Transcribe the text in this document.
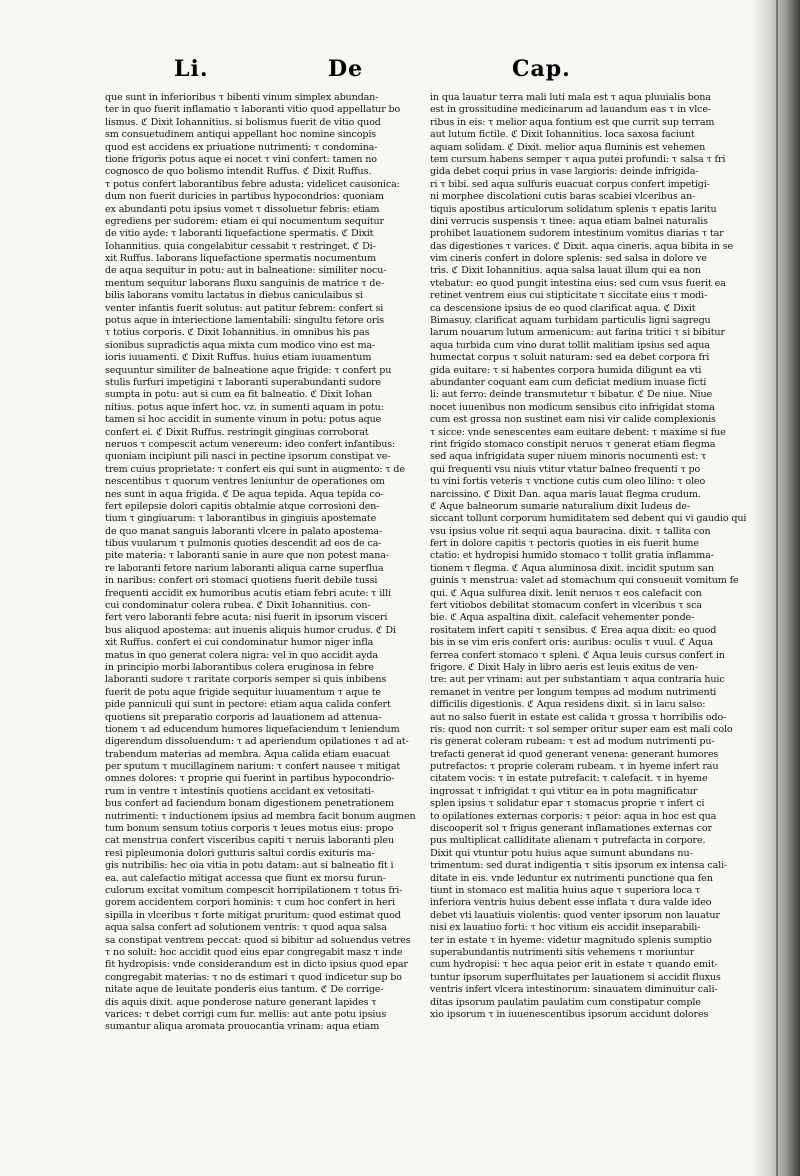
Li.	De	Cap.
que sunt in inferioribus τ bibenti vinum simplex abundan-
ter in quo fuerit inflamatio τ laboranti vitio quod appellatur bo
lismus. ℭ Dixit Iohannitius. si bolismus fuerit de vitio quod
sm consuetudinem antiqui appellant hoc nomine sincopis
quod est accidens ex priuatione nutrimenti: τ condomina-
tione frigoris potus aque ei nocet τ vini confert: tamen no
cognosco de quo bolismo intendit Ruffus. ℭ Dixit Ruffus.
τ potus confert laborantibus febre adusta: videlicet causonica:
dum non fuerit duricies in partibus hypocondrios: quoniam
ex abundanti potu ipsius vomet τ dissoluetur febris: etiam
egrediens per sudorem: etiam ei qui nocumentum sequitur
de vitio ayde: τ laboranti liquefactione spermatis. ℭ Dixit
Iohannitius. quia congelabitur cessabit τ restringet. ℭ Di-
xit Ruffus. laborans liquefactione spermatis nocumentum
de aqua sequitur in potu: aut in balneatione: similiter nocu-
mentum sequitur laborans fluxu sanguinis de matrice τ de-
bilis laborans vomitu lactatus in diebus caniculaibus si
venter infantis fuerit solutus: aut patitur febrem: confert si
potus aque in interiectione lamentabili: singultu fetore oris
τ totius corporis. ℭ Dixit Iohannitius. in omnibus his pas
sionibus supradictis aqua mixta cum modico vino est ma-
ioris iuuamenti. ℭ Dixit Ruffus. huius etiam iuuamentum
sequuntur similiter de balneatione aque frigide: τ confert pu
stulis furfuri impetigini τ laboranti superabundanti sudore
sumpta in potu: aut si cum ea fit balneatio. ℭ Dixit Iohan
nitius. potus aque infert hoc. vz. in sumenti aquam in potu:
tamen si hoc accidit in sumente vinum in potu: potus aque
confert ei. ℭ Dixit Ruffus. restringit gingiuas corroborat
neruos τ compescit actum venereum: ideo confert infantibus:
quoniam incipiunt pili nasci in pectine ipsorum constipat ve-
trem cuius proprietate: τ confert eis qui sunt in augmento: τ de
nescentibus τ quorum ventres leniuntur de operationes om
nes sunt in aqua frigida. ℭ De aqua tepida. Aqua tepida co-
fert epilepsie dolori capitis obtalmie atque corrosioni den-
tium τ gingiuarum: τ laborantibus in gingiuis apostemate
de quo manat sanguis laboranti vlcere in palato apostema-
tibus vuularum τ pulmonis quoties descendit ad eos de ca-
pite materia: τ laboranti sanie in aure que non potest mana-
re laboranti fetore narium laboranti aliqua carne superflua
in naribus: confert ori stomaci quotiens fuerit debile tussi
frequenti accidit ex humoribus acutis etiam febri acute: τ illi
cui condominatur colera rubea. ℭ Dixit Iohannitius. con-
fert vero laboranti febre acuta: nisi fuerit in ipsorum visceri
bus aliquod apostema: aut inuenis aliquis humor crudus. ℭ Di
xit Ruffus. confert ei cui condominatur humor niger infla
matus in quo generat colera nigra: vel in quo accidit ayda
in principio morbi laborantibus colera eruginosa in febre
laboranti sudore τ raritate corporis semper si quis inbibens
fuerit de potu aque frigide sequitur iuuamentum τ aque te
pide panniculi qui sunt in pectore: etiam aqua calida confert
quotiens sit preparatio corporis ad lauationem ad attenua-
tionem τ ad educendum humores liquefaciendum τ leniendum
digerendum dissoluendum: τ ad aperiendum opilationes τ ad at-
trabendum materias ad membra. Aqua calida etiam euacuat
per sputum τ mucillaginem narium: τ confert nausee τ mitigat
omnes dolores: τ proprie qui fuerint in partibus hypocondrio-
rum in ventre τ intestinis quotiens accidant ex vetositati-
bus confert ad faciendum bonam digestionem penetrationem
nutrimenti: τ inductionem ipsius ad membra facit bonum augmen
tum bonum sensum totius corporis τ leues motus eius: propo
cat menstrua confert visceribus capiti τ neruis laboranti pleu
resi pipleumonia dolori gutturis saltui cordis exituris ma-
gis nutribilis: hec oia vitia in potu datam: aut si balneatio fit i
ea. aut calefactio mitigat accessa que fiunt ex morsu furun-
culorum excitat vomitum compescit horripilationem τ totus fri-
gorem accidentem corpori hominis: τ cum hoc confert in heri
sipilla in vlceribus τ forte mitigat pruritum: quod estimat quod
aqua salsa confert ad solutionem ventris: τ quod aqua salsa
sa constipat ventrem peccat: quod si bibitur ad soluendus vetres
τ no soluit: hoc accidit quod eius epar congregabit masz τ inde
fit hydropisis: vnde considerandum est in dicto ipsius quod epar
congregabit materias: τ no ds estimari τ quod indicetur sup bo
nitate aque de leuitate ponderis eius tantum. ℭ De corrige-
dis aquis dixit. aque ponderose nature generant lapides τ
varices: τ debet corrigi cum fur. mellis: aut ante potu ipsius
sumantur aliqua aromata prouocantia vrinam: aqua etiam
in qua lauatur terra mali luti mala est τ aqua pluuialis bona
est in grossitudine medicinarum ad lauandum eas τ in vlce-
ribus in eis: τ melior aqua fontium est que currit sup terram
aut lutum fictile. ℭ Dixit Iohannitius. loca saxosa faciunt
aquam solidam. ℭ Dixit. melior aqua fluminis est vehemen
tem cursum habens semper τ aqua putei profundi: τ salsa τ fri
gida debet coqui prius in vase largioris: deinde infrigida-
ri τ bibi. sed aqua sulfuris euacuat corpus confert impetigi-
ni morphee discolationi cutis baras scabiei vlceribus an-
tiquis apostibus articulorum solidatum splenis τ epatis laritu
dini verrucis suspensis τ tinee: aqua etiam balnei naturalis
prohibet lauationem sudorem intestinum vomitus diarias τ tar
das digestiones τ varices. ℭ Dixit. aqua cineris. aqua bibita in se
vim cineris confert in dolore splenis: sed salsa in dolore ve
tris. ℭ Dixit Iohannitius. aqua salsa lauat illum qui ea non
vtebatur: eo quod pungit intestina eius: sed cum vsus fuerit ea
retinet ventrem eius cui stipticitate τ siccitate eius τ modi-
ca descensione ipsius de eo quod clarificat aqua. ℭ Dixit
Bimasuy. clarificat aquam turbidam particulis ligni sagregu
larum nouarum lutum armenicum: aut farina tritici τ si bibitur
aqua turbida cum vino durat tollit malitiam ipsius sed aqua
humectat corpus τ soluit naturam: sed ea debet corpora fri
gida euitare: τ si habentes corpora humida diligunt ea vti
abundanter coquant eam cum deficiat medium inuase ficti
li: aut ferro: deinde transmutetur τ bibatur. ℭ De niue. Niue
nocet iuuenibus non modicum sensibus cito infrigidat stoma
cum est grossa non sustinet eam nisi vir calide complexionis
τ sicce: vnde senescentes eam euitare debent: τ maxime si fue
rint frigido stomaco constipit neruos τ generat etiam flegma
sed aqua infrigidata super niuem minoris nocumenti est: τ
qui frequenti vsu niuis vtitur vtatur balneo frequenti τ po
tu vini fortis veteris τ vnctione cutis cum oleo lilino: τ oleo
narcissino. ℭ Dixit Dan. aqua maris lauat flegma crudum.
ℭ Aque balneorum sumarie naturalium dixit Iudeus de-
siccant tollunt corporum humiditatem sed debent qui vi gaudio qui
vsu ipsius volue rit sequi aqua bauracina. dixit. τ tallita con
fert in dolore capitis τ pectoris quoties in eis fuerit hume
ctatio: et hydropisi humido stomaco τ tollit gratia inflamma-
tionem τ flegma. ℭ Aqua aluminosa dixit. incidit sputum san
guinis τ menstrua: valet ad stomachum qui consueuit vomitum fe
qui. ℭ Aqua sulfurea dixit. lenit neruos τ eos calefacit con
fert vitiobos debilitat stomacum confert in vlceribus τ sca
bie. ℭ Aqua aspaltina dixit. calefacit vehementer ponde-
rositatem infert capiti τ sensibus. ℭ Erea aqua dixit: eo quod
bis in se vim eris confert oris: auribus: oculis τ vuul. ℭ Aqua
ferrea confert stomaco τ spleni. ℭ Aqua leuis cursus confert in
frigore. ℭ Dixit Haly in libro aeris est leuis exitus de ven-
tre: aut per vrinam: aut per substantiam τ aqua contraria huic
remanet in ventre per longum tempus ad modum nutrimenti
difficilis digestionis. ℭ Aqua residens dixit. si in lacu salso:
aut no salso fuerit in estate est calida τ grossa τ horribilis odo-
ris: quod non currit: τ sol semper oritur super eam est mali colo
ris generat coleram rubeam: τ est ad modum nutrimenti pu-
trefacti generat id quod generant venena: generant humores
putrefactos: τ proprie coleram rubeam. τ in hyeme infert rau
citatem vocis: τ in estate putrefacit: τ calefacit. τ in hyeme
ingrossat τ infrigidat τ qui vtitur ea in potu magnificatur
splen ipsius τ solidatur epar τ stomacus proprie τ infert ci
to opilationes externas corporis: τ peior: aqua in hoc est qua
discooperit sol τ frigus generant inflamationes externas cor
pus multiplicat calliditate alienam τ putrefacta in corpore.
Dixit qui vtuntur potu huius aque sumunt abundans nu-
trimentum: sed durat indigentia τ sitis ipsorum ex intensa cali-
ditate in eis. vnde leduntur ex nutrimenti punctione qua fen
tiunt in stomaco est malitia huius aque τ superiora loca τ
inferiora ventris huius debent esse inflata τ dura valde ideo
debet vti lauatiuis violentis: quod venter ipsorum non lauatur
nisi ex lauatiuo forti: τ hoc vitium eis accidit inseparabili-
ter in estate τ in hyeme: videtur magnitudo splenis sumptio
superabundantis nutrimenti sitis vehemens τ moriuntur
cum hydropisi: τ hec aqua peior erit in estate τ quando emit-
tuntur ipsorum superfluitates per lauationem si accidit fluxus
ventris infert vlcera intestinorum: sinauatem diminuitur cali-
ditas ipsorum paulatim paulatim cum constipatur comple
xio ipsorum τ in iuuenescentibus ipsorum accidunt dolores
